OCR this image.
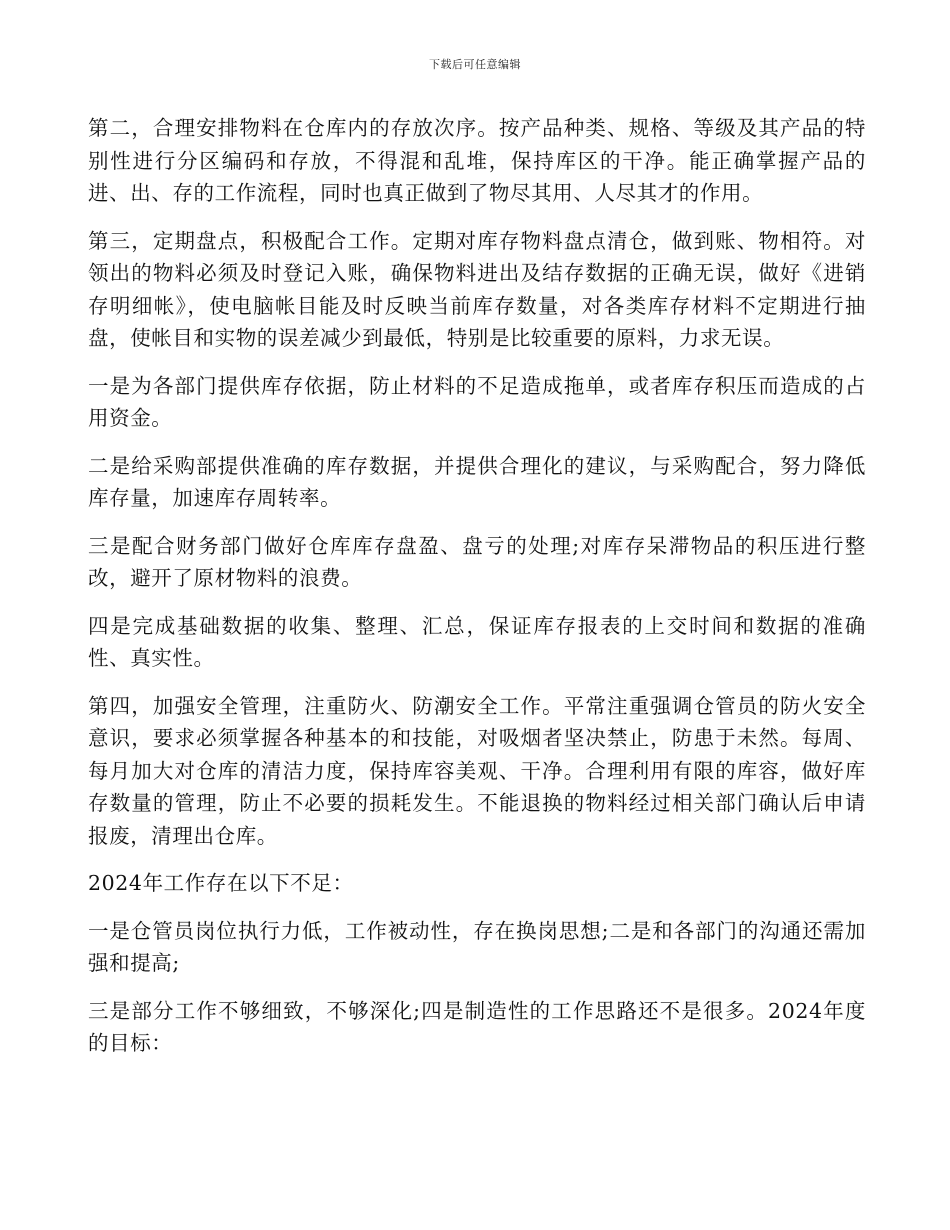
下载后可任意编辑

第二，合理安排物料在仓库内的存放次序。按产品种类、规格、等级及其产品的特别性进行分区编码和存放，不得混和乱堆，保持库区的干净。能正确掌握产品的进、出、存的工作流程，同时也真正做到了物尽其用、人尽其才的作用。

第三，定期盘点，积极配合工作。定期对库存物料盘点清仓，做到账、物相符。对领出的物料必须及时登记入账，确保物料进出及结存数据的正确无误，做好《进销存明细帐》，使电脑帐目能及时反映当前库存数量，对各类库存材料不定期进行抽盘，使帐目和实物的误差减少到最低，特别是比较重要的原料，力求无误。

一是为各部门提供库存依据，防止材料的不足造成拖单，或者库存积压而造成的占用资金。

二是给采购部提供准确的库存数据，并提供合理化的建议，与采购配合，努力降低库存量，加速库存周转率。

三是配合财务部门做好仓库库存盘盈、盘亏的处理;对库存呆滞物品的积压进行整改，避开了原材物料的浪费。

四是完成基础数据的收集、整理、汇总，保证库存报表的上交时间和数据的准确性、真实性。

第四，加强安全管理，注重防火、防潮安全工作。平常注重强调仓管员的防火安全意识，要求必须掌握各种基本的和技能，对吸烟者坚决禁止，防患于未然。每周、每月加大对仓库的清洁力度，保持库容美观、干净。合理利用有限的库容，做好库存数量的管理，防止不必要的损耗发生。不能退换的物料经过相关部门确认后申请报废，清理出仓库。

2024年工作存在以下不足：

一是仓管员岗位执行力低，工作被动性，存在换岗思想;二是和各部门的沟通还需加强和提高;

三是部分工作不够细致，不够深化;四是制造性的工作思路还不是很多。2024年度的目标：
